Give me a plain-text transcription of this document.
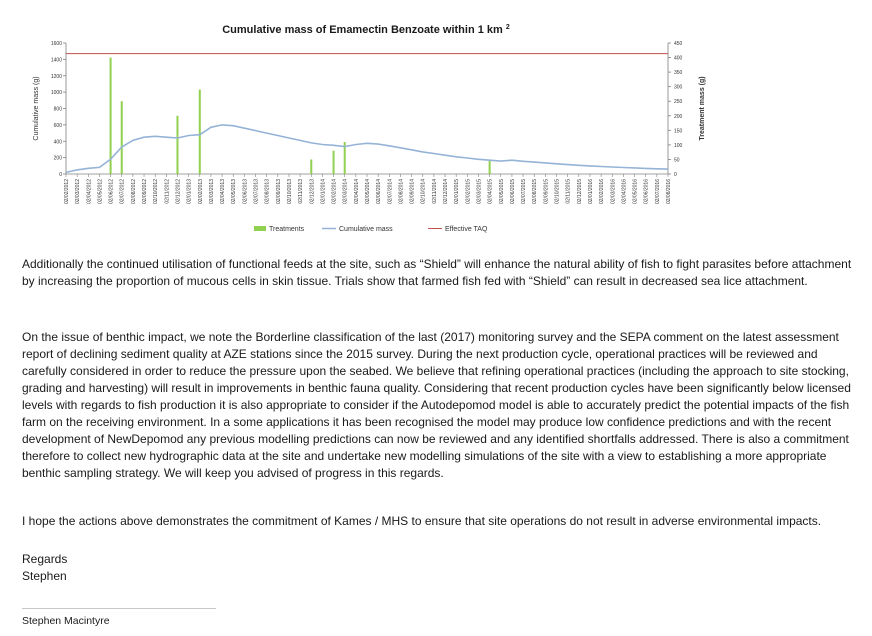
Cumulative mass of Emamectin Benzoate within 1 km $^2$
0
200
400
600
800
1000
1200
1400
1600
0
50
100
150
200
250
300
350
400
450
Cumulative mass (g)	Treatment mass (g)
02/02/2012 02/03/2012 02/04/2012 02/05/2012 02/06/2012 02/07/2012 02/08/2012 02/09/2012 02/10/2012 02/11/2012 02/12/2012 02/01/2013 02/02/2013 02/03/2013 02/04/2013 02/05/2013 02/06/2013 02/07/2013 02/08/2013 02/09/2013 02/10/2013 02/11/2013 02/12/2013 02/01/2014 02/02/2014 02/03/2014 02/04/2014 02/05/2014 02/06/2014 02/07/2014 02/08/2014 02/09/2014 02/10/2014 02/11/2014 02/12/2014 02/01/2015 02/02/2015 02/03/2015 02/04/2015 02/05/2015 02/06/2015 02/07/2015 02/08/2015 02/09/2015 02/10/2015 02/11/2015 02/12/2015 02/01/2016 02/02/2016 02/03/2016 02/04/2016 02/05/2016 02/06/2016 02/07/2016 02/08/2016
Treatments	Cumulative mass	Effective TAQ

Additionally the continued utilisation of functional feeds at the site, such as “Shield” will enhance the natural ability of fish to fight parasites before attachment by increasing the proportion of mucous cells in skin tissue. Trials show that farmed fish fed with “Shield” can result in decreased sea lice attachment.

On the issue of benthic impact, we note the Borderline classification of the last (2017) monitoring survey and the SEPA comment on the latest assessment report of declining sediment quality at AZE stations since the 2015 survey. During the next production cycle, operational practices will be reviewed and carefully considered in order to reduce the pressure upon the seabed. We believe that refining operational practices (including the approach to site stocking, grading and harvesting) will result in improvements in benthic fauna quality. Considering that recent production cycles have been significantly below licensed levels with regards to fish production it is also appropriate to consider if the Autodepomod model is able to accurately predict the potential impacts of the fish farm on the receiving environment. In a some applications it has been recognised the model may produce low confidence predictions and with the recent development of NewDepomod any previous modelling predictions can now be reviewed and any identified shortfalls addressed. There is also a commitment therefore to collect new hydrographic data at the site and undertake new modelling simulations of the site with a view to establishing a more appropriate benthic sampling strategy. We will keep you advised of progress in this regards.

I hope the actions above demonstrates the commitment of Kames / MHS to ensure that site operations do not result in adverse environmental impacts.

Regards

Stephen

Stephen Macintyre
